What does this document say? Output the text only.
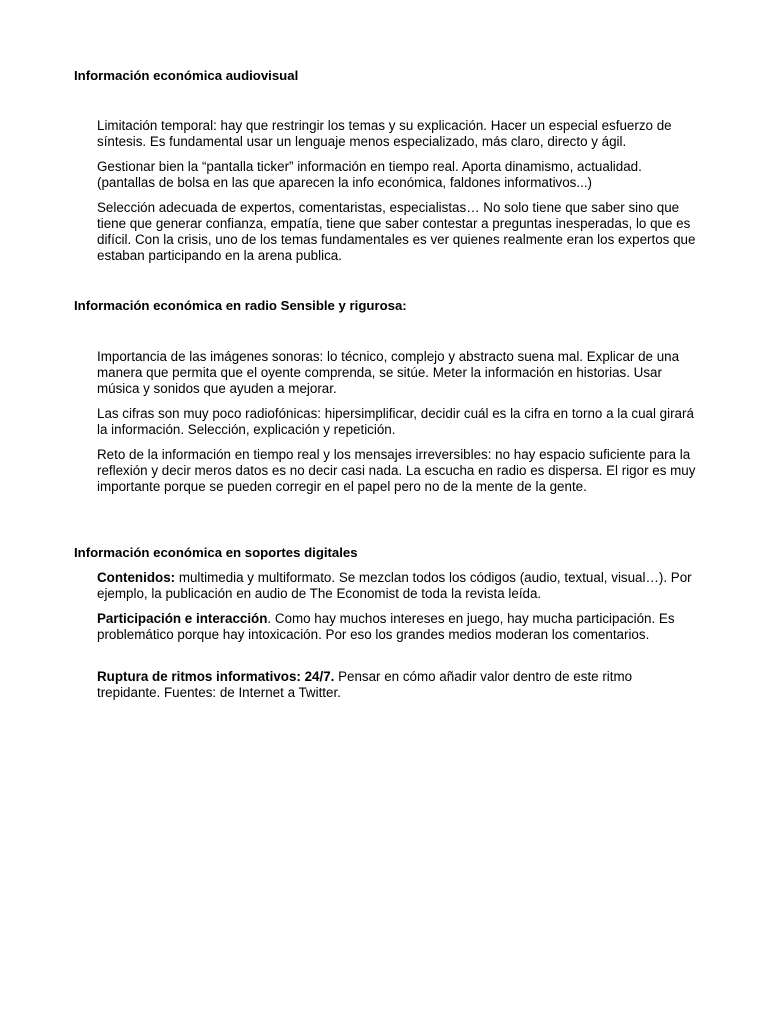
Información económica audiovisual

Limitación temporal: hay que restringir los temas y su explicación. Hacer un especial esfuerzo de síntesis. Es fundamental usar un lenguaje menos especializado, más claro, directo y ágil.

Gestionar bien la “pantalla ticker” información en tiempo real. Aporta dinamismo, actualidad. (pantallas de bolsa en las que aparecen la info económica, faldones informativos...)

Selección adecuada de expertos, comentaristas, especialistas… No solo tiene que saber sino que tiene que generar confianza, empatía, tiene que saber contestar a preguntas inesperadas, lo que es difícil. Con la crisis, uno de los temas fundamentales es ver quienes realmente eran los expertos que estaban participando en la arena publica.

Información económica en radio Sensible y rigurosa:

Importancia de las imágenes sonoras: lo técnico, complejo y abstracto suena mal. Explicar de una manera que permita que el oyente comprenda, se sitúe. Meter la información en historias. Usar música y sonidos que ayuden a mejorar.

Las cifras son muy poco radiofónicas: hipersimplificar, decidir cuál es la cifra en torno a la cual girará la información. Selección, explicación y repetición.

Reto de la información en tiempo real y los mensajes irreversibles: no hay espacio suficiente para la reflexión y decir meros datos es no decir casi nada. La escucha en radio es dispersa. El rigor es muy importante porque se pueden corregir en el papel pero no de la mente de la gente.

Información económica en soportes digitales

Contenidos: multimedia y multiformato. Se mezclan todos los códigos (audio, textual, visual…). Por ejemplo, la publicación en audio de The Economist de toda la revista leída.

Participación e interacción. Como hay muchos intereses en juego, hay mucha participación. Es problemático porque hay intoxicación. Por eso los grandes medios moderan los comentarios.

Ruptura de ritmos informativos: 24/7. Pensar en cómo añadir valor dentro de este ritmo trepidante. Fuentes: de Internet a Twitter.
